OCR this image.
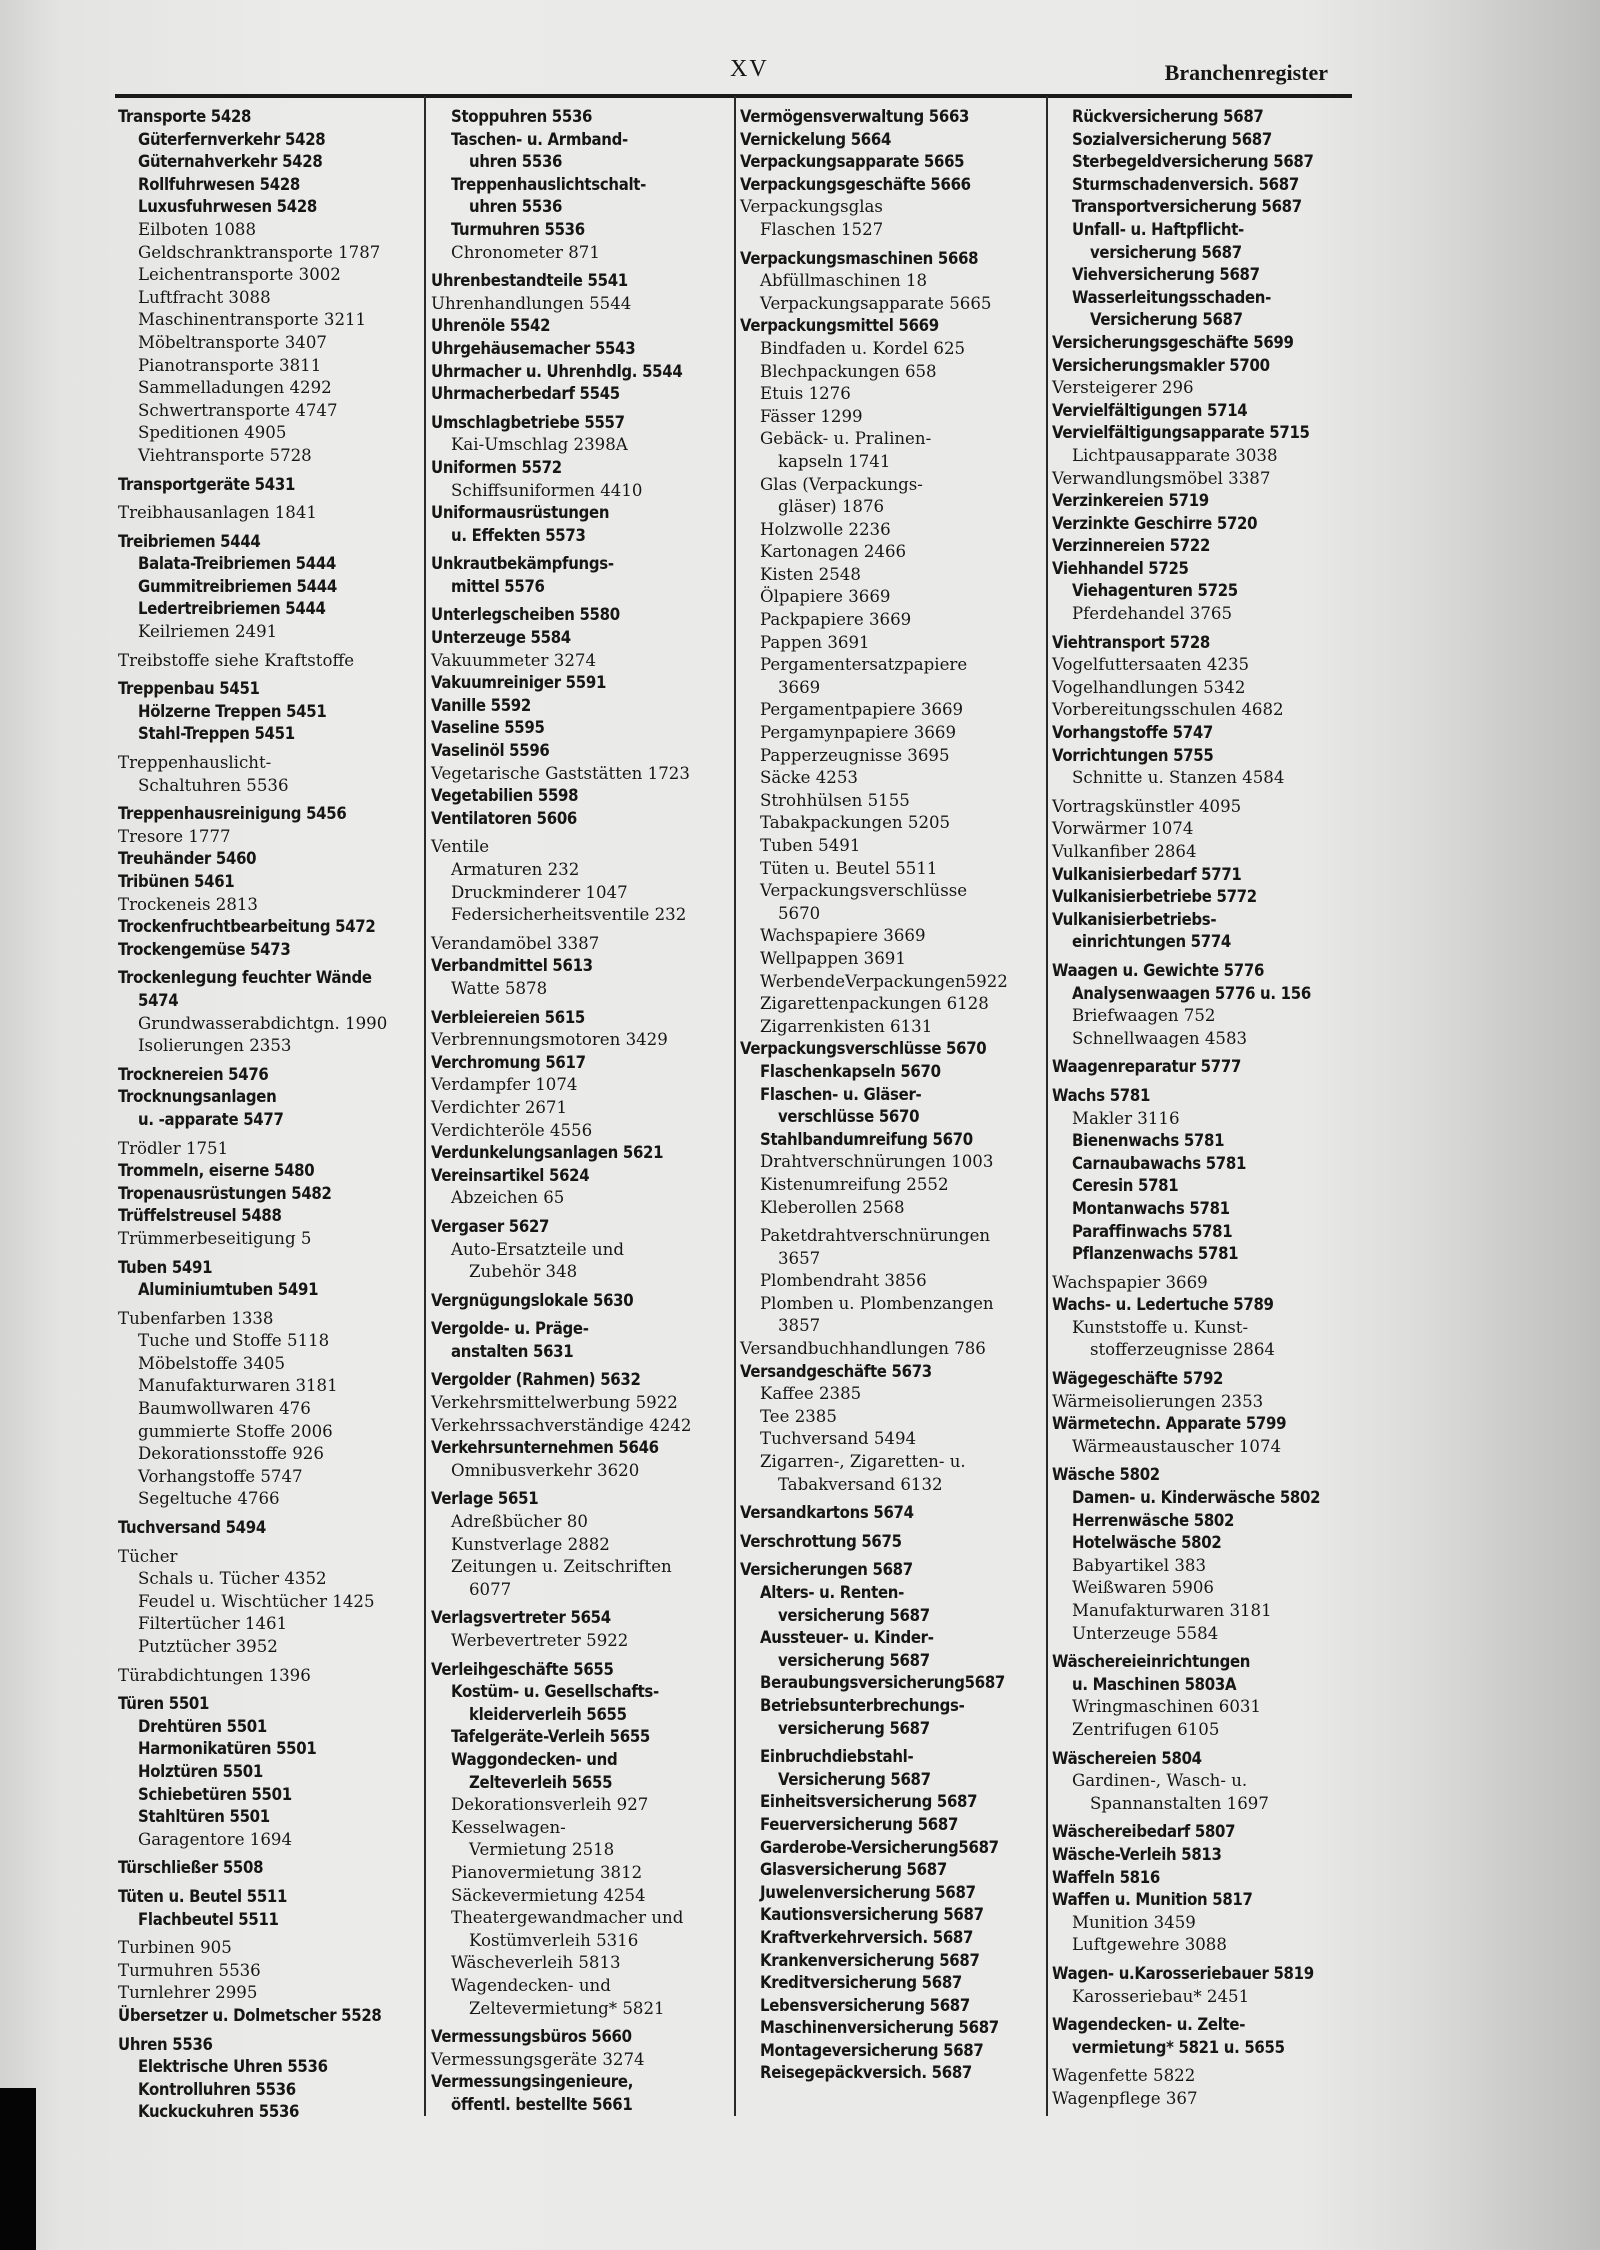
XV	Branchenregister
Transporte 5428
Güterfernverkehr 5428
Güternahverkehr 5428
Rollfuhrwesen 5428
Luxusfuhrwesen 5428
Eilboten 1088
Geldschranktransporte 1787
Leichentransporte 3002
Luftfracht 3088
Maschinentransporte 3211
Möbeltransporte 3407
Pianotransporte 3811
Sammelladungen 4292
Schwertransporte 4747
Speditionen 4905
Viehtransporte 5728
Transportgeräte 5431
Treibhausanlagen 1841
Treibriemen 5444
Balata-Treibriemen 5444
Gummitreibriemen 5444
Ledertreibriemen 5444
Keilriemen 2491
Treibstoffe siehe Kraftstoffe
Treppenbau 5451
Hölzerne Treppen 5451
Stahl-Treppen 5451
Treppenhauslicht-
Schaltuhren 5536
Treppenhausreinigung 5456
Tresore 1777
Treuhänder 5460
Tribünen 5461
Trockeneis 2813
Trockenfruchtbearbeitung 5472
Trockengemüse 5473
Trockenlegung feuchter Wände
5474
Grundwasserabdichtgn. 1990
Isolierungen 2353
Trocknereien 5476
Trocknungsanlagen
u. -apparate 5477
Trödler 1751
Trommeln, eiserne 5480
Tropenausrüstungen 5482
Trüffelstreusel 5488
Trümmerbeseitigung 5
Tuben 5491
Aluminiumtuben 5491
Tubenfarben 1338
Tuche und Stoffe 5118
Möbelstoffe 3405
Manufakturwaren 3181
Baumwollwaren 476
gummierte Stoffe 2006
Dekorationsstoffe 926
Vorhangstoffe 5747
Segeltuche 4766
Tuchversand 5494
Tücher
Schals u. Tücher 4352
Feudel u. Wischtücher 1425
Filtertücher 1461
Putztücher 3952
Türabdichtungen 1396
Türen 5501
Drehtüren 5501
Harmonikatüren 5501
Holztüren 5501
Schiebetüren 5501
Stahltüren 5501
Garagentore 1694
Türschließer 5508
Tüten u. Beutel 5511
Flachbeutel 5511
Turbinen 905
Turmuhren 5536
Turnlehrer 2995
Übersetzer u. Dolmetscher 5528
Uhren 5536
Elektrische Uhren 5536
Kontrolluhren 5536
Kuckuckuhren 5536
Stoppuhren 5536
Taschen- u. Armband-
uhren 5536
Treppenhauslichtschalt-
uhren 5536
Turmuhren 5536
Chronometer 871
Uhrenbestandteile 5541
Uhrenhandlungen 5544
Uhrenöle 5542
Uhrgehäusemacher 5543
Uhrmacher u. Uhrenhdlg. 5544
Uhrmacherbedarf 5545
Umschlagbetriebe 5557
Kai-Umschlag 2398A
Uniformen 5572
Schiffsuniformen 4410
Uniformausrüstungen
u. Effekten 5573
Unkrautbekämpfungs-
mittel 5576
Unterlegscheiben 5580
Unterzeuge 5584
Vakuummeter 3274
Vakuumreiniger 5591
Vanille 5592
Vaseline 5595
Vaselinöl 5596
Vegetarische Gaststätten 1723
Vegetabilien 5598
Ventilatoren 5606
Ventile
Armaturen 232
Druckminderer 1047
Federsicherheitsventile 232
Verandamöbel 3387
Verbandmittel 5613
Watte 5878
Verbleiereien 5615
Verbrennungsmotoren 3429
Verchromung 5617
Verdampfer 1074
Verdichter 2671
Verdichteröle 4556
Verdunkelungsanlagen 5621
Vereinsartikel 5624
Abzeichen 65
Vergaser 5627
Auto-Ersatzteile und
Zubehör 348
Vergnügungslokale 5630
Vergolde- u. Präge-
anstalten 5631
Vergolder (Rahmen) 5632
Verkehrsmittelwerbung 5922
Verkehrssachverständige 4242
Verkehrsunternehmen 5646
Omnibusverkehr 3620
Verlage 5651
Adreßbücher 80
Kunstverlage 2882
Zeitungen u. Zeitschriften
6077
Verlagsvertreter 5654
Werbevertreter 5922
Verleihgeschäfte 5655
Kostüm- u. Gesellschafts-
kleiderverleih 5655
Tafelgeräte-Verleih 5655
Waggondecken- und
Zelteverleih 5655
Dekorationsverleih 927
Kesselwagen-
Vermietung 2518
Pianovermietung 3812
Säckevermietung 4254
Theatergewandmacher und
Kostümverleih 5316
Wäscheverleih 5813
Wagendecken- und
Zeltevermietung* 5821
Vermessungsbüros 5660
Vermessungsgeräte 3274
Vermessungsingenieure,
öffentl. bestellte 5661
Vermögensverwaltung 5663
Vernickelung 5664
Verpackungsapparate 5665
Verpackungsgeschäfte 5666
Verpackungsglas
Flaschen 1527
Verpackungsmaschinen 5668
Abfüllmaschinen 18
Verpackungsapparate 5665
Verpackungsmittel 5669
Bindfaden u. Kordel 625
Blechpackungen 658
Etuis 1276
Fässer 1299
Gebäck- u. Pralinen-
kapseln 1741
Glas (Verpackungs-
gläser) 1876
Holzwolle 2236
Kartonagen 2466
Kisten 2548
Ölpapiere 3669
Packpapiere 3669
Pappen 3691
Pergamentersatzpapiere
3669
Pergamentpapiere 3669
Pergamynpapiere 3669
Papperzeugnisse 3695
Säcke 4253
Strohhülsen 5155
Tabakpackungen 5205
Tuben 5491
Tüten u. Beutel 5511
Verpackungsverschlüsse
5670
Wachspapiere 3669
Wellpappen 3691
WerbendeVerpackungen5922
Zigarettenpackungen 6128
Zigarrenkisten 6131
Verpackungsverschlüsse 5670
Flaschenkapseln 5670
Flaschen- u. Gläser-
verschlüsse 5670
Stahlbandumreifung 5670
Drahtverschnürungen 1003
Kistenumreifung 2552
Kleberollen 2568
Paketdrahtverschnürungen
3657
Plombendraht 3856
Plomben u. Plombenzangen
3857
Versandbuchhandlungen 786
Versandgeschäfte 5673
Kaffee 2385
Tee 2385
Tuchversand 5494
Zigarren-, Zigaretten- u.
Tabakversand 6132
Versandkartons 5674
Verschrottung 5675
Versicherungen 5687
Alters- u. Renten-
versicherung 5687
Aussteuer- u. Kinder-
versicherung 5687
Beraubungsversicherung5687
Betriebsunterbrechungs-
versicherung 5687
Einbruchdiebstahl-
Versicherung 5687
Einheitsversicherung 5687
Feuerversicherung 5687
Garderobe-Versicherung5687
Glasversicherung 5687
Juwelenversicherung 5687
Kautionsversicherung 5687
Kraftverkehrversich. 5687
Krankenversicherung 5687
Kreditversicherung 5687
Lebensversicherung 5687
Maschinenversicherung 5687
Montageversicherung 5687
Reisegepäckversich. 5687
Rückversicherung 5687
Sozialversicherung 5687
Sterbegeldversicherung 5687
Sturmschadenversich. 5687
Transportversicherung 5687
Unfall- u. Haftpflicht-
versicherung 5687
Viehversicherung 5687
Wasserleitungsschaden-
Versicherung 5687
Versicherungsgeschäfte 5699
Versicherungsmakler 5700
Versteigerer 296
Vervielfältigungen 5714
Vervielfältigungsapparate 5715
Lichtpausapparate 3038
Verwandlungsmöbel 3387
Verzinkereien 5719
Verzinkte Geschirre 5720
Verzinnereien 5722
Viehhandel 5725
Viehagenturen 5725
Pferdehandel 3765
Viehtransport 5728
Vogelfuttersaaten 4235
Vogelhandlungen 5342
Vorbereitungsschulen 4682
Vorhangstoffe 5747
Vorrichtungen 5755
Schnitte u. Stanzen 4584
Vortragskünstler 4095
Vorwärmer 1074
Vulkanfiber 2864
Vulkanisierbedarf 5771
Vulkanisierbetriebe 5772
Vulkanisierbetriebs-
einrichtungen 5774
Waagen u. Gewichte 5776
Analysenwaagen 5776 u. 156
Briefwaagen 752
Schnellwaagen 4583
Waagenreparatur 5777
Wachs 5781
Makler 3116
Bienenwachs 5781
Carnaubawachs 5781
Ceresin 5781
Montanwachs 5781
Paraffinwachs 5781
Pflanzenwachs 5781
Wachspapier 3669
Wachs- u. Ledertuche 5789
Kunststoffe u. Kunst-
stofferzeugnisse 2864
Wägegeschäfte 5792
Wärmeisolierungen 2353
Wärmetechn. Apparate 5799
Wärmeaustauscher 1074
Wäsche 5802
Damen- u. Kinderwäsche 5802
Herrenwäsche 5802
Hotelwäsche 5802
Babyartikel 383
Weißwaren 5906
Manufakturwaren 3181
Unterzeuge 5584
Wäschereieinrichtungen
u. Maschinen 5803A
Wringmaschinen 6031
Zentrifugen 6105
Wäschereien 5804
Gardinen-, Wasch- u.
Spannanstalten 1697
Wäschereibedarf 5807
Wäsche-Verleih 5813
Waffeln 5816
Waffen u. Munition 5817
Munition 3459
Luftgewehre 3088
Wagen- u.Karosseriebauer 5819
Karosseriebau* 2451
Wagendecken- u. Zelte-
vermietung* 5821 u. 5655
Wagenfette 5822
Wagenpflege 367
